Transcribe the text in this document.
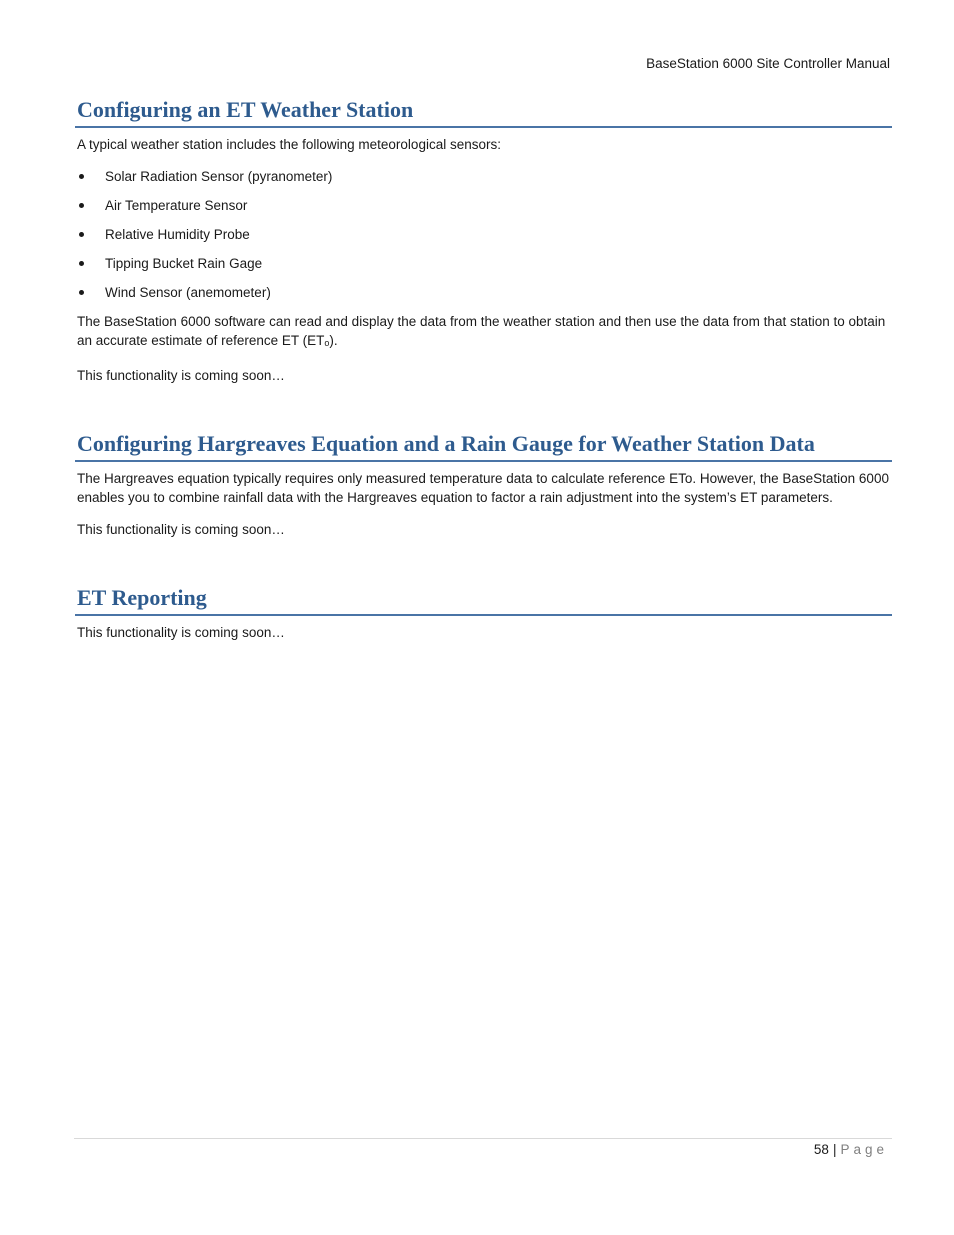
BaseStation 6000 Site Controller Manual
Configuring an ET Weather Station

A typical weather station includes the following meteorological sensors:

Solar Radiation Sensor (pyranometer)
Air Temperature Sensor
Relative Humidity Probe
Tipping Bucket Rain Gage
Wind Sensor (anemometer)

The BaseStation 6000 software can read and display the data from the weather station and then use the data from that station to obtain an accurate estimate of reference ET $(ET_o)$.

This functionality is coming soon…

Configuring Hargreaves Equation and a Rain Gauge for Weather Station Data

The Hargreaves equation typically requires only measured temperature data to calculate reference ETo. However, the BaseStation 6000 enables you to combine rainfall data with the Hargreaves equation to factor a rain adjustment into the system’s ET parameters.

This functionality is coming soon…

ET Reporting

This functionality is coming soon…

58 | Page
